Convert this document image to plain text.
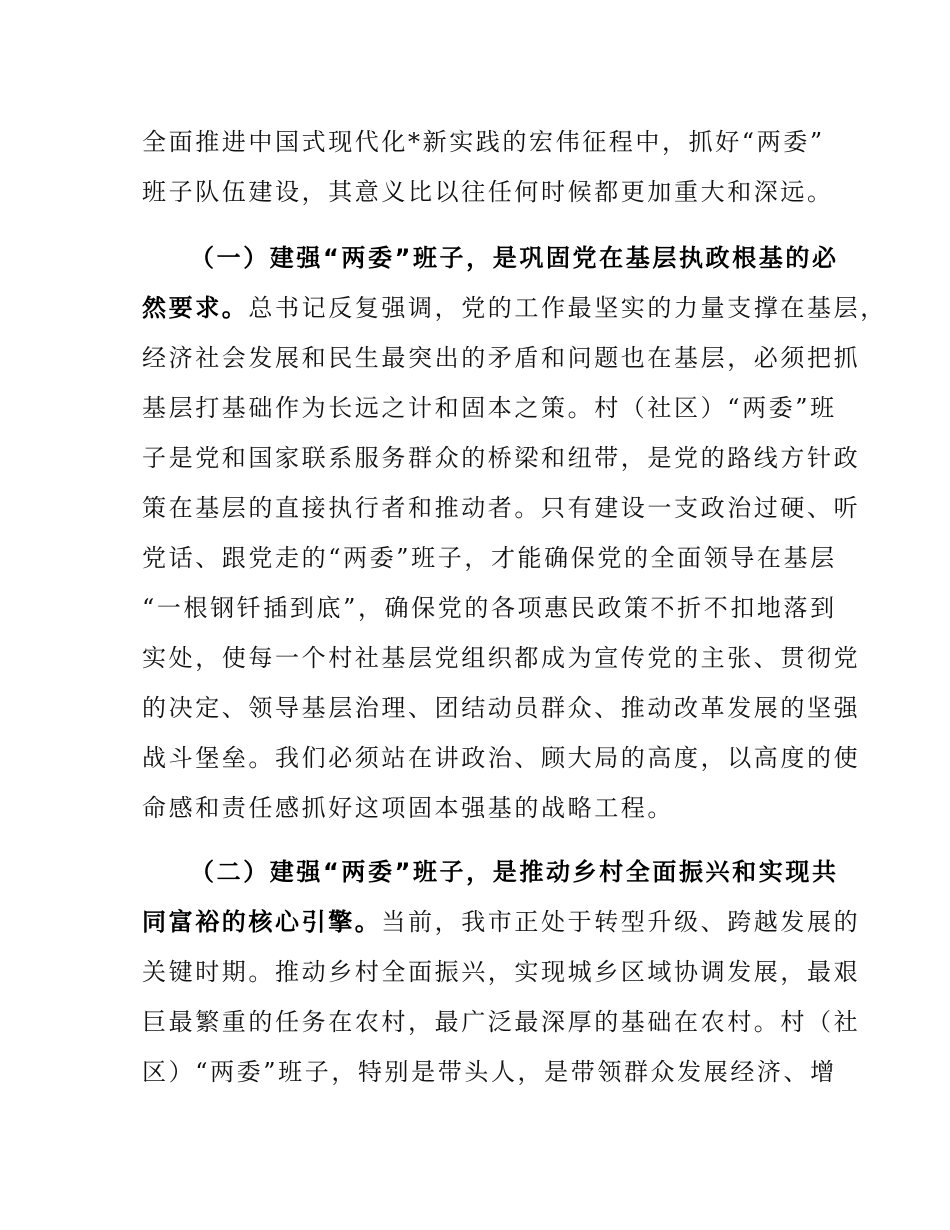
全面推进中国式现代化*新实践的宏伟征程中，抓好“两委”
班子队伍建设，其意义比以往任何时候都更加重大和深远。
（一）建强“两委”班子，是巩固党在基层执政根基的必
然要求。总书记反复强调，党的工作最坚实的力量支撑在基层，
经济社会发展和民生最突出的矛盾和问题也在基层，必须把抓
基层打基础作为长远之计和固本之策。村（社区）“两委”班
子是党和国家联系服务群众的桥梁和纽带，是党的路线方针政
策在基层的直接执行者和推动者。只有建设一支政治过硬、听
党话、跟党走的“两委”班子，才能确保党的全面领导在基层
“一根钢钎插到底”，确保党的各项惠民政策不折不扣地落到
实处，使每一个村社基层党组织都成为宣传党的主张、贯彻党
的决定、领导基层治理、团结动员群众、推动改革发展的坚强
战斗堡垒。我们必须站在讲政治、顾大局的高度，以高度的使
命感和责任感抓好这项固本强基的战略工程。
（二）建强“两委”班子，是推动乡村全面振兴和实现共
同富裕的核心引擎。当前，我市正处于转型升级、跨越发展的
关键时期。推动乡村全面振兴，实现城乡区域协调发展，最艰
巨最繁重的任务在农村，最广泛最深厚的基础在农村。村（社
区）“两委”班子，特别是带头人，是带领群众发展经济、增
